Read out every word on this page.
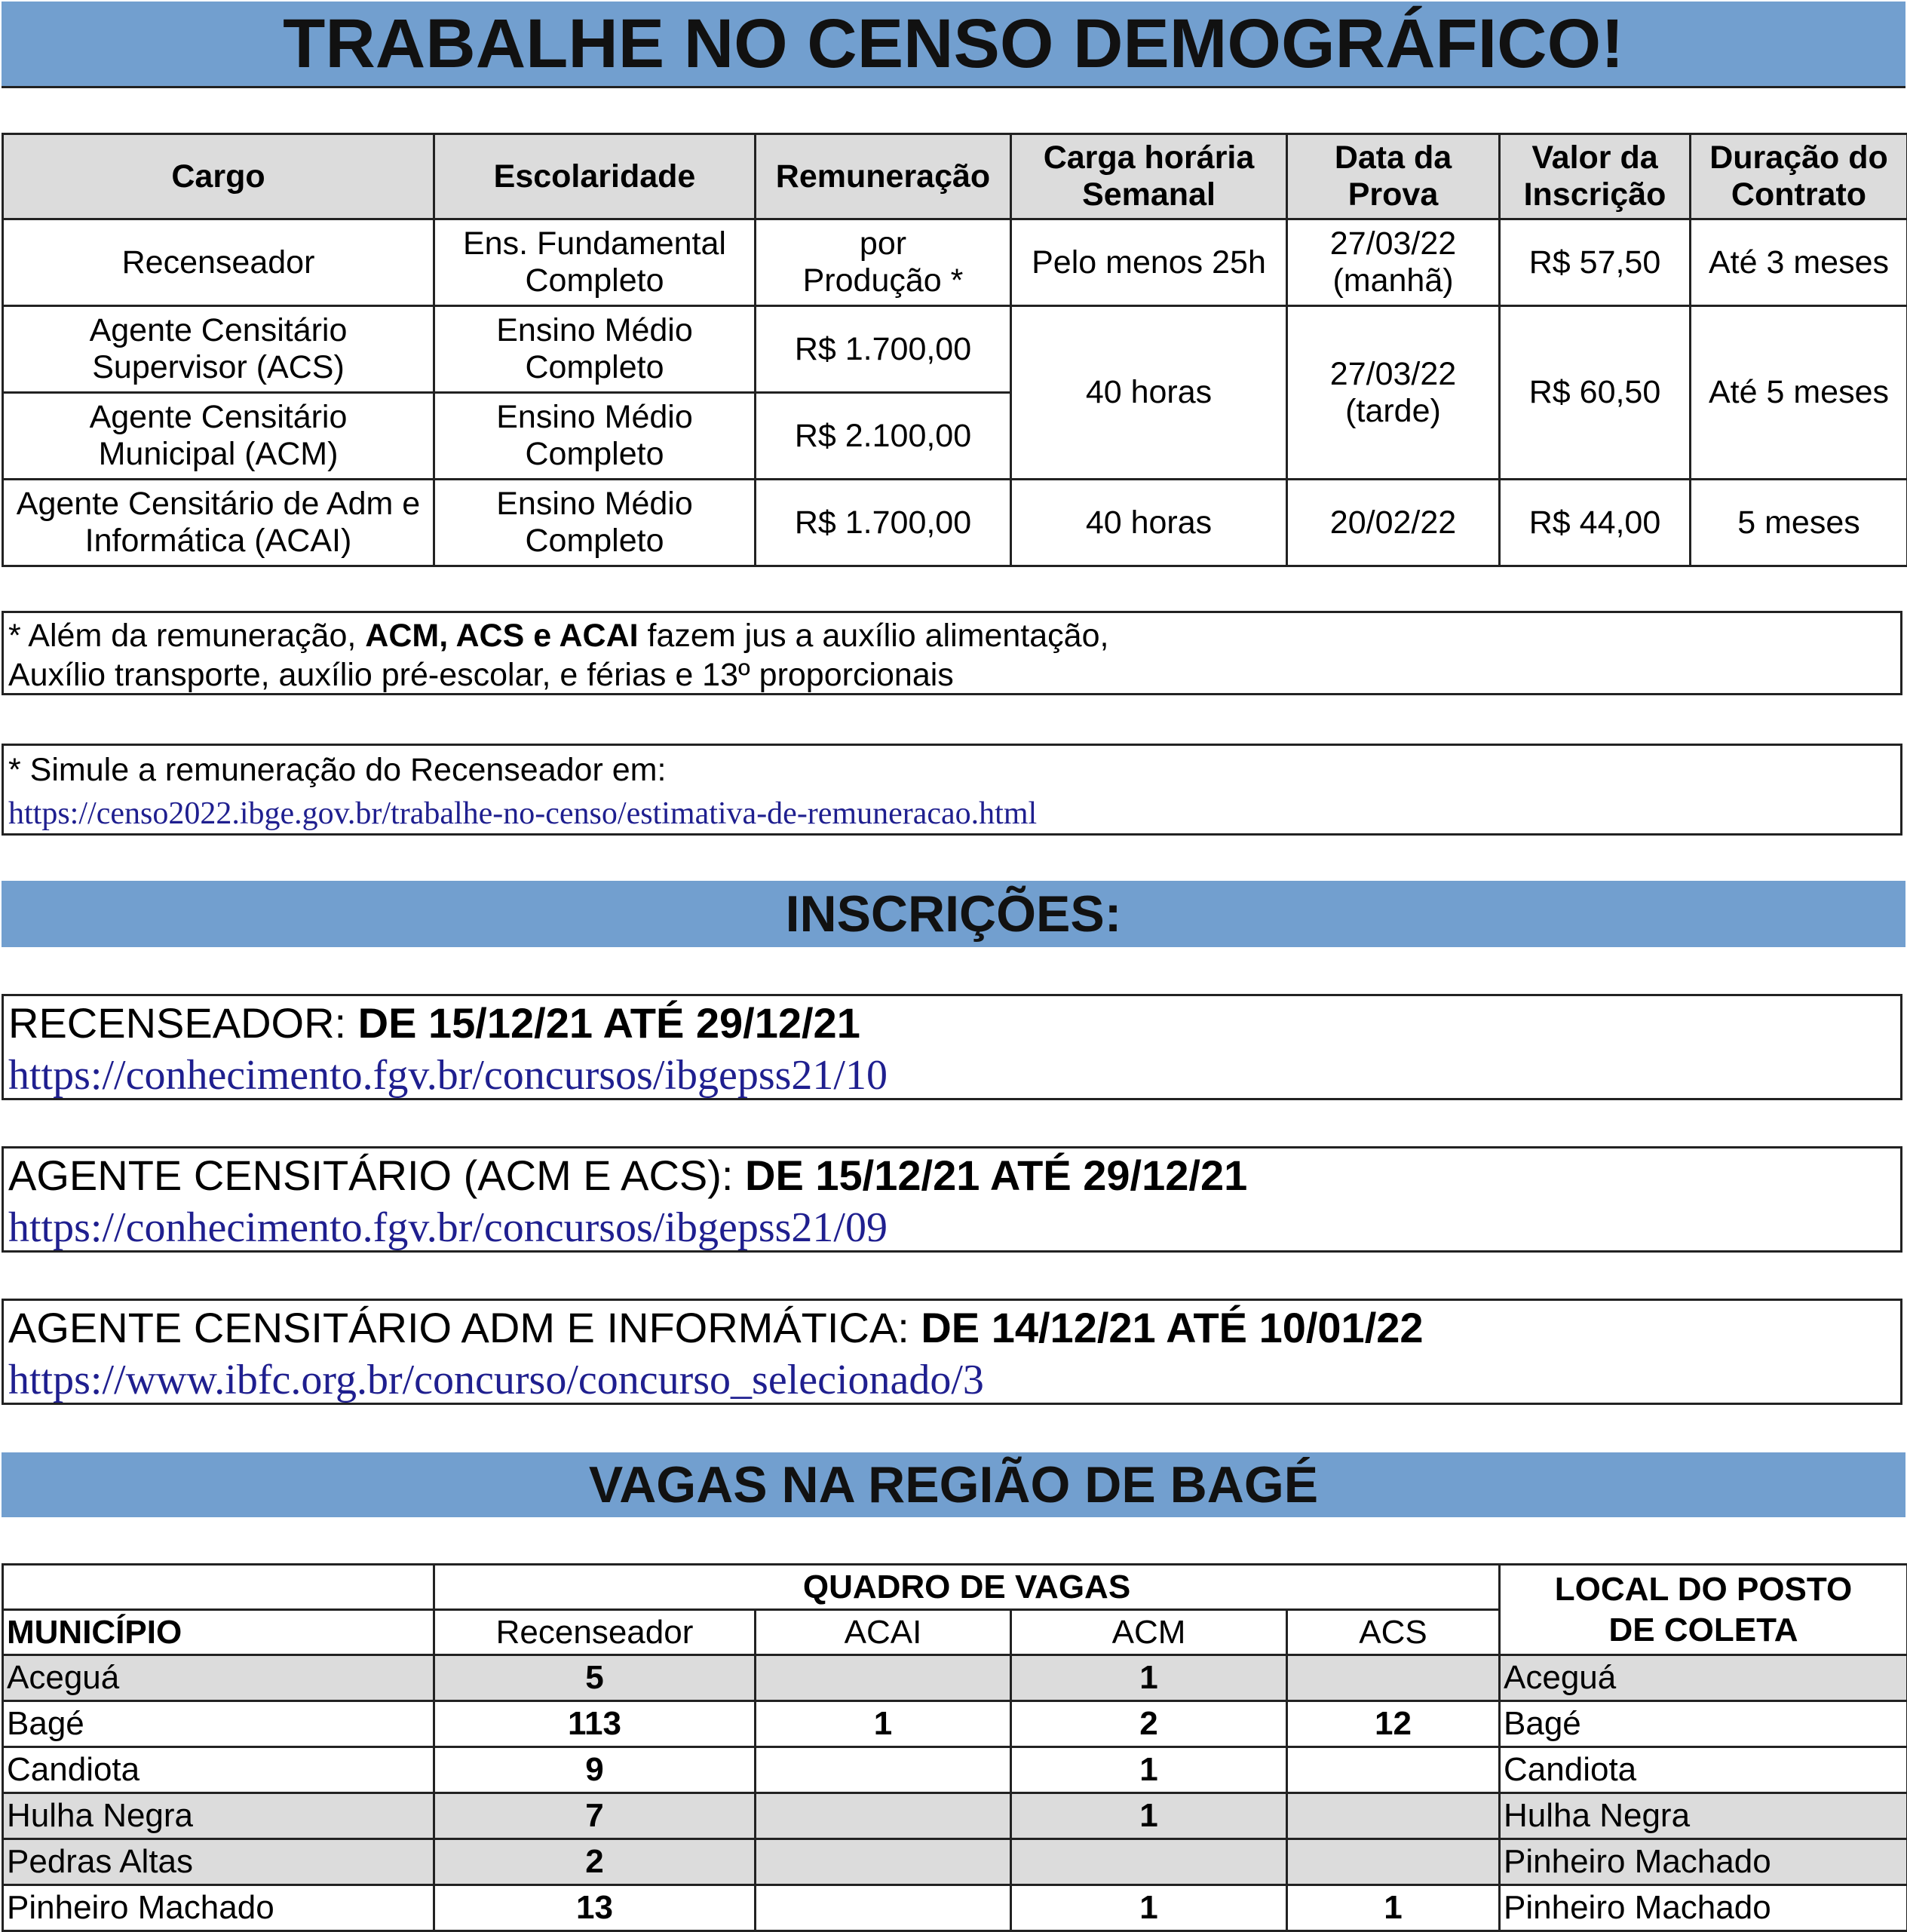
TRABALHE NO CENSO DEMOGRÁFICO!
Cargo	Escolaridade	Remuneração	Carga horária Semanal	Data da Prova	Valor da Inscrição	Duração do Contrato
Recenseador	Ens. Fundamental Completo	por Produção *	Pelo menos 25h	27/03/22 (manhã)	R$ 57,50	Até 3 meses
Agente Censitário Supervisor (ACS)	Ensino Médio Completo	R$ 1.700,00	40 horas	27/03/22 (tarde)	R$ 60,50	Até 5 meses
Agente Censitário Municipal (ACM)	Ensino Médio Completo	R$ 2.100,00				
Agente Censitário de Adm e Informática (ACAI)	Ensino Médio Completo	R$ 1.700,00	40 horas	20/02/22	R$ 44,00	5 meses
* Além da remuneração, ACM, ACS e ACAI fazem jus a auxílio alimentação,
Auxílio transporte, auxílio pré-escolar, e férias e 13º proporcionais
* Simule a remuneração do Recenseador em:
https://censo2022.ibge.gov.br/trabalhe-no-censo/estimativa-de-remuneracao.html
INSCRIÇÕES:
RECENSEADOR: DE 15/12/21 ATÉ 29/12/21
https://conhecimento.fgv.br/concursos/ibgepss21/10
AGENTE CENSITÁRIO (ACM E ACS): DE 15/12/21 ATÉ 29/12/21
https://conhecimento.fgv.br/concursos/ibgepss21/09
AGENTE CENSITÁRIO ADM E INFORMÁTICA: DE 14/12/21 ATÉ 10/01/22
https://www.ibfc.org.br/concurso/concurso_selecionado/3
VAGAS NA REGIÃO DE BAGÉ
	QUADRO DE VAGAS				LOCAL DO POSTO DE COLETA
MUNICÍPIO	Recenseador	ACAI	ACM	ACS	
Aceguá	5		1		Aceguá
Bagé	113	1	2	12	Bagé
Candiota	9		1		Candiota
Hulha Negra	7		1		Hulha Negra
Pedras Altas	2				Pinheiro Machado
Pinheiro Machado	13		1	1	Pinheiro Machado
